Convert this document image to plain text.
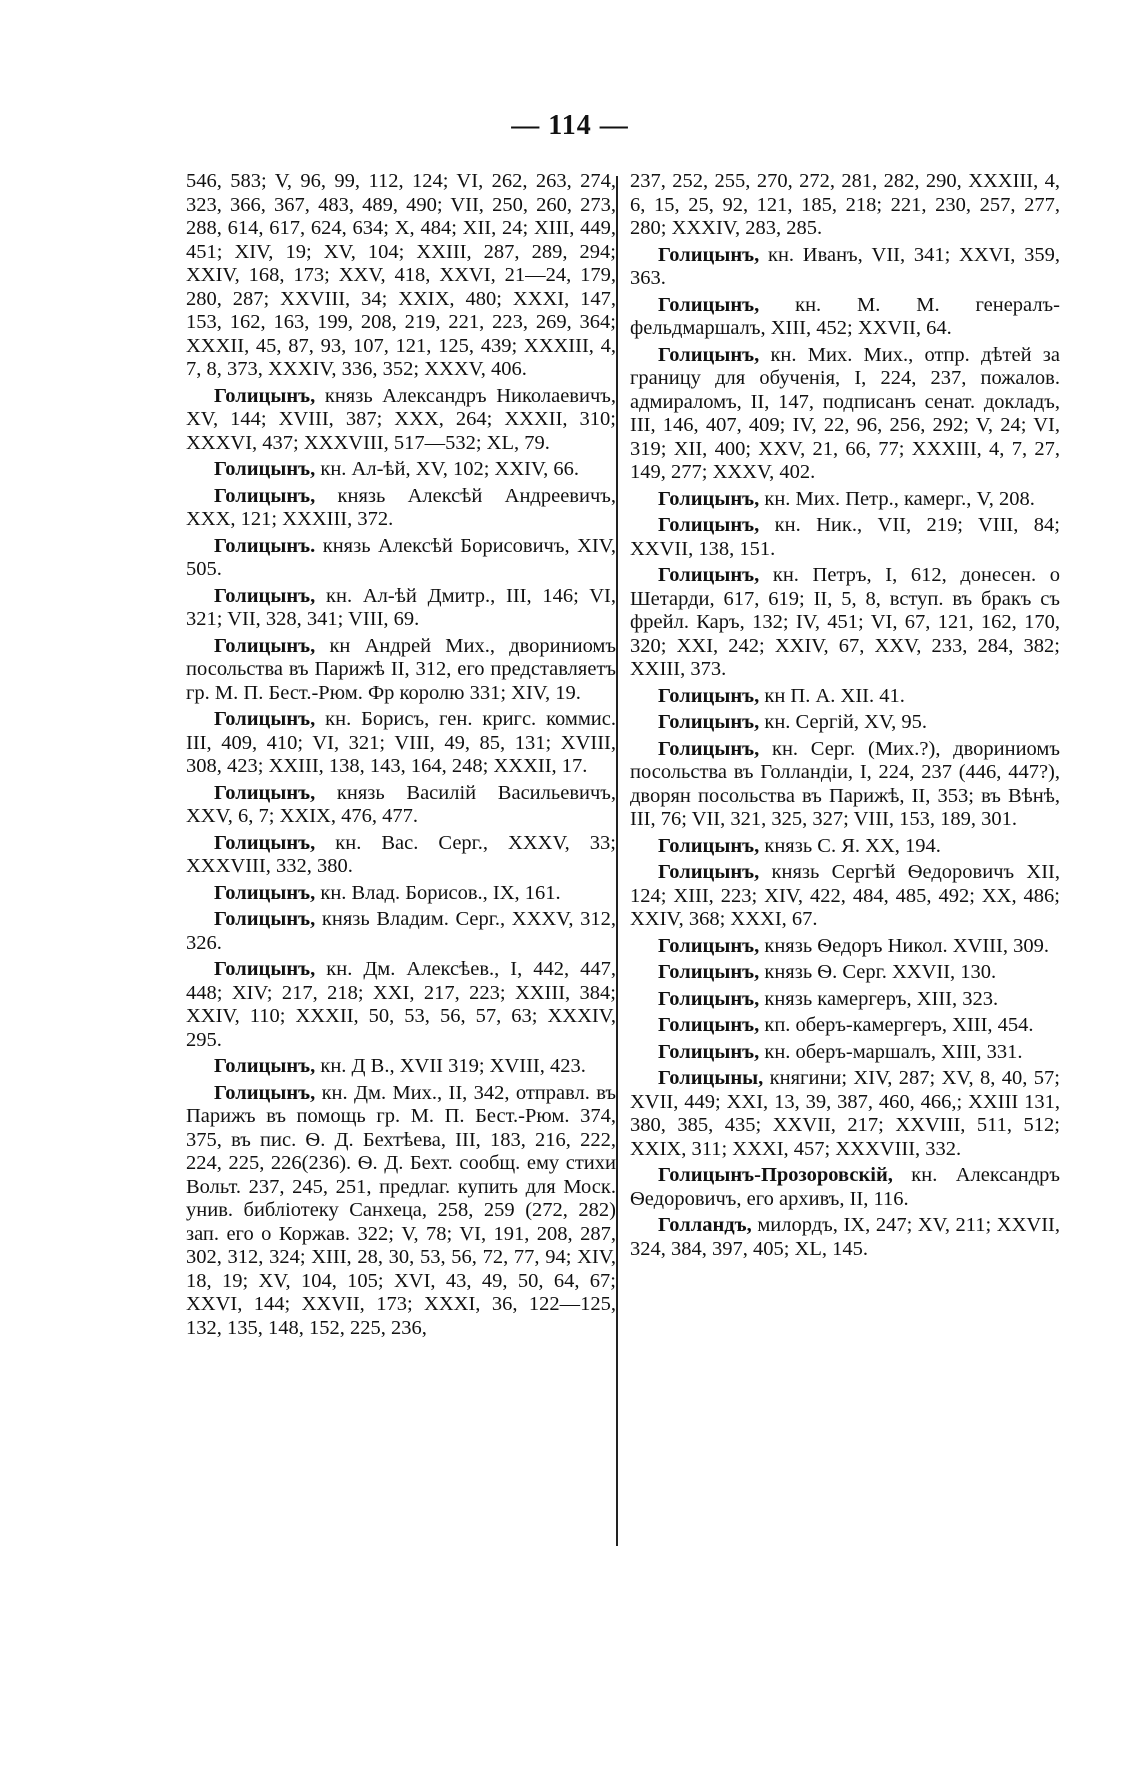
— 114 —

546, 583; V, 96, 99, 112, 124; VI, 262, 263, 274, 323, 366, 367, 483, 489, 490; VII, 250, 260, 273, 288, 614, 617, 624, 634; X, 484; XII, 24; XIII, 449, 451; XIV, 19; XV, 104; XXIII, 287, 289, 294; XXIV, 168, 173; XXV, 418, XXVI, 21—24, 179, 280, 287; XXVIII, 34; XXIX, 480; XXXI, 147, 153, 162, 163, 199, 208, 219, 221, 223, 269, 364; XXXII, 45, 87, 93, 107, 121, 125, 439; XXXIII, 4, 7, 8, 373, XXXIV, 336, 352; XXXV, 406.

Голицынъ, князь Александръ Николаевичъ, XV, 144; XVIII, 387; XXX, 264; XXXII, 310; XXXVI, 437; XXXVIII, 517—532; XL, 79.

Голицынъ, кн. Ал-ѣй, XV, 102; XXIV, 66.

Голицынъ, князь Алексѣй Андреевичъ, XXX, 121; XXXIII, 372.

Голицынъ. князь Алексѣй Борисовичъ, XIV, 505.

Голицынъ, кн. Ал-ѣй Дмитр., III, 146; VI, 321; VII, 328, 341; VIII, 69.

Голицынъ, кн Андрей Мих., двориниомъ посольства въ Парижѣ II, 312, его представляетъ гр. М. П. Бест.-Рюм. Фр королю 331; XIV, 19.

Голицынъ, кн. Борисъ, ген. кригс. коммис. III, 409, 410; VI, 321; VIII, 49, 85, 131; XVIII, 308, 423; XXIII, 138, 143, 164, 248; XXXII, 17.

Голицынъ, князь Василій Васильевичъ, XXV, 6, 7; XXIX, 476, 477.

Голицынъ, кн. Вас. Серг., XXXV, 33; XXXVIII, 332, 380.

Голицынъ, кн. Влад. Борисов., IX, 161.

Голицынъ, князь Владим. Серг., XXXV, 312, 326.

Голицынъ, кн. Дм. Алексѣев., I, 442, 447, 448; XIV; 217, 218; XXI, 217, 223; XXIII, 384; XXIV, 110; XXXII, 50, 53, 56, 57, 63; XXXIV, 295.

Голицынъ, кн. Д В., XVII 319; XVIII, 423.

Голицынъ, кн. Дм. Мих., II, 342, отправл. въ Парижъ въ помощь гр. М. П. Бест.-Рюм. 374, 375, въ пис. Ѳ. Д. Бехтѣева, III, 183, 216, 222, 224, 225, 226(236). Ѳ. Д. Бехт. сообщ. ему стихи Вольт. 237, 245, 251, предлаг. купить для Моск. унив. библіотеку Санхеца, 258, 259 (272, 282) зап. его о Коржав. 322; V, 78; VI, 191, 208, 287, 302, 312, 324; XIII, 28, 30, 53, 56, 72, 77, 94; XIV, 18, 19; XV, 104, 105; XVI, 43, 49, 50, 64, 67; XXVI, 144; XXVII, 173; XXXI, 36, 122—125, 132, 135, 148, 152, 225, 236,

237, 252, 255, 270, 272, 281, 282, 290, XXXIII, 4, 6, 15, 25, 92, 121, 185, 218; 221, 230, 257, 277, 280; XXXIV, 283, 285.

Голицынъ, кн. Иванъ, VII, 341; XXVI, 359, 363.

Голицынъ, кн. М. М. генералъ-фельдмаршалъ, XIII, 452; XXVII, 64.

Голицынъ, кн. Мих. Мих., отпр. дѣтей за границу для обученія, I, 224, 237, пожалов. адмираломъ, II, 147, подписанъ сенат. докладъ, III, 146, 407, 409; IV, 22, 96, 256, 292; V, 24; VI, 319; XII, 400; XXV, 21, 66, 77; XXXIII, 4, 7, 27, 149, 277; XXXV, 402.

Голицынъ, кн. Мих. Петр., камерг., V, 208.

Голицынъ, кн. Ник., VII, 219; VIII, 84; XXVII, 138, 151.

Голицынъ, кн. Петръ, I, 612, донесен. о Шетарди, 617, 619; II, 5, 8, вступ. въ бракъ съ фрейл. Каръ, 132; IV, 451; VI, 67, 121, 162, 170, 320; XXI, 242; XXIV, 67, XXV, 233, 284, 382; XXIII, 373.

Голицынъ, кн П. А. XII. 41.

Голицынъ, кн. Сергій, XV, 95.

Голицынъ, кн. Серг. (Мих.?), двориниомъ посольства въ Голландіи, I, 224, 237 (446, 447?), дворян посольства въ Парижѣ, II, 353; въ Вѣнѣ, III, 76; VII, 321, 325, 327; VIII, 153, 189, 301.

Голицынъ, князь С. Я. XX, 194.

Голицынъ, князь Сергѣй Ѳедоровичъ XII, 124; XIII, 223; XIV, 422, 484, 485, 492; XX, 486; XXIV, 368; XXXI, 67.

Голицынъ, князь Ѳедоръ Никол. XVIII, 309.

Голицынъ, князь Ѳ. Серг. XXVII, 130.

Голицынъ, князь камергеръ, XIII, 323.

Голицынъ, кп. оберъ-камергеръ, XIII, 454.

Голицынъ, кн. оберъ-маршалъ, XIII, 331.

Голицыны, княгини; XIV, 287; XV, 8, 40, 57; XVII, 449; XXI, 13, 39, 387, 460, 466,; XXIII 131, 380, 385, 435; XXVII, 217; XXVIII, 511, 512; XXIX, 311; XXXI, 457; XXXVIII, 332.

Голицынъ-Прозоровскій, кн. Александръ Ѳедоровичъ, его архивъ, II, 116.

Голландъ, милордъ, IX, 247; XV, 211; XXVII, 324, 384, 397, 405; XL, 145.
